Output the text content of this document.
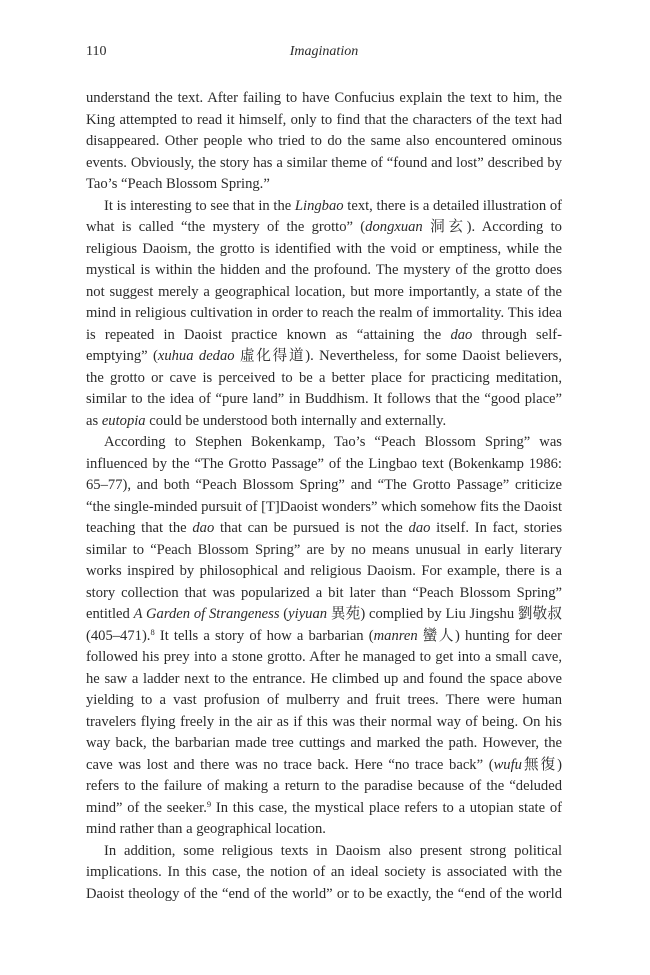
110	Imagination

understand the text. After failing to have Confucius explain the text to him, the King attempted to read it himself, only to find that the characters of the text had disappeared. Other people who tried to do the same also encountered ominous events. Obviously, the story has a similar theme of “found and lost” described by Tao’s “Peach Blossom Spring.”

It is interesting to see that in the Lingbao text, there is a detailed illustration of what is called “the mystery of the grotto” (dongxuan 洞玄). According to religious Daoism, the grotto is identified with the void or emptiness, while the mystical is within the hidden and the profound. The mystery of the grotto does not suggest merely a geographical location, but more importantly, a state of the mind in religious cultivation in order to reach the realm of immortality. This idea is repeated in Daoist practice known as “attaining the dao through self-emptying” (xuhua dedao 虛化得道). Nevertheless, for some Daoist believers, the grotto or cave is perceived to be a better place for practicing meditation, similar to the idea of “pure land” in Buddhism. It follows that the “good place” as eutopia could be understood both internally and externally.

According to Stephen Bokenkamp, Tao’s “Peach Blossom Spring” was influenced by the “The Grotto Passage” of the Lingbao text (Bokenkamp 1986: 65–77), and both “Peach Blossom Spring” and “The Grotto Passage” criticize “the single-minded pursuit of [T]Daoist wonders” which somehow fits the Daoist teaching that the dao that can be pursued is not the dao itself. In fact, stories similar to “Peach Blossom Spring” are by no means unusual in early literary works inspired by philosophical and religious Daoism. For example, there is a story collection that was popularized a bit later than “Peach Blossom Spring” entitled A Garden of Strangeness (yiyuan 異苑) complied by Liu Jingshu 劉敬叔 (405–471).$^8$ It tells a story of how a barbarian (manren 蠻人) hunting for deer followed his prey into a stone grotto. After he managed to get into a small cave, he saw a ladder next to the entrance. He climbed up and found the space above yielding to a vast profusion of mulberry and fruit trees. There were human travelers flying freely in the air as if this was their normal way of being. On his way back, the barbarian made tree cuttings and marked the path. However, the cave was lost and there was no trace back. Here “no trace back” (wufu無復) refers to the failure of making a return to the paradise because of the “deluded mind” of the seeker.$^9$ In this case, the mystical place refers to a utopian state of mind rather than a geographical location.

In addition, some religious texts in Daoism also present strong political implications. In this case, the notion of an ideal society is associated with the Daoist theology of the “end of the world” or to be exactly, the “end of the world
